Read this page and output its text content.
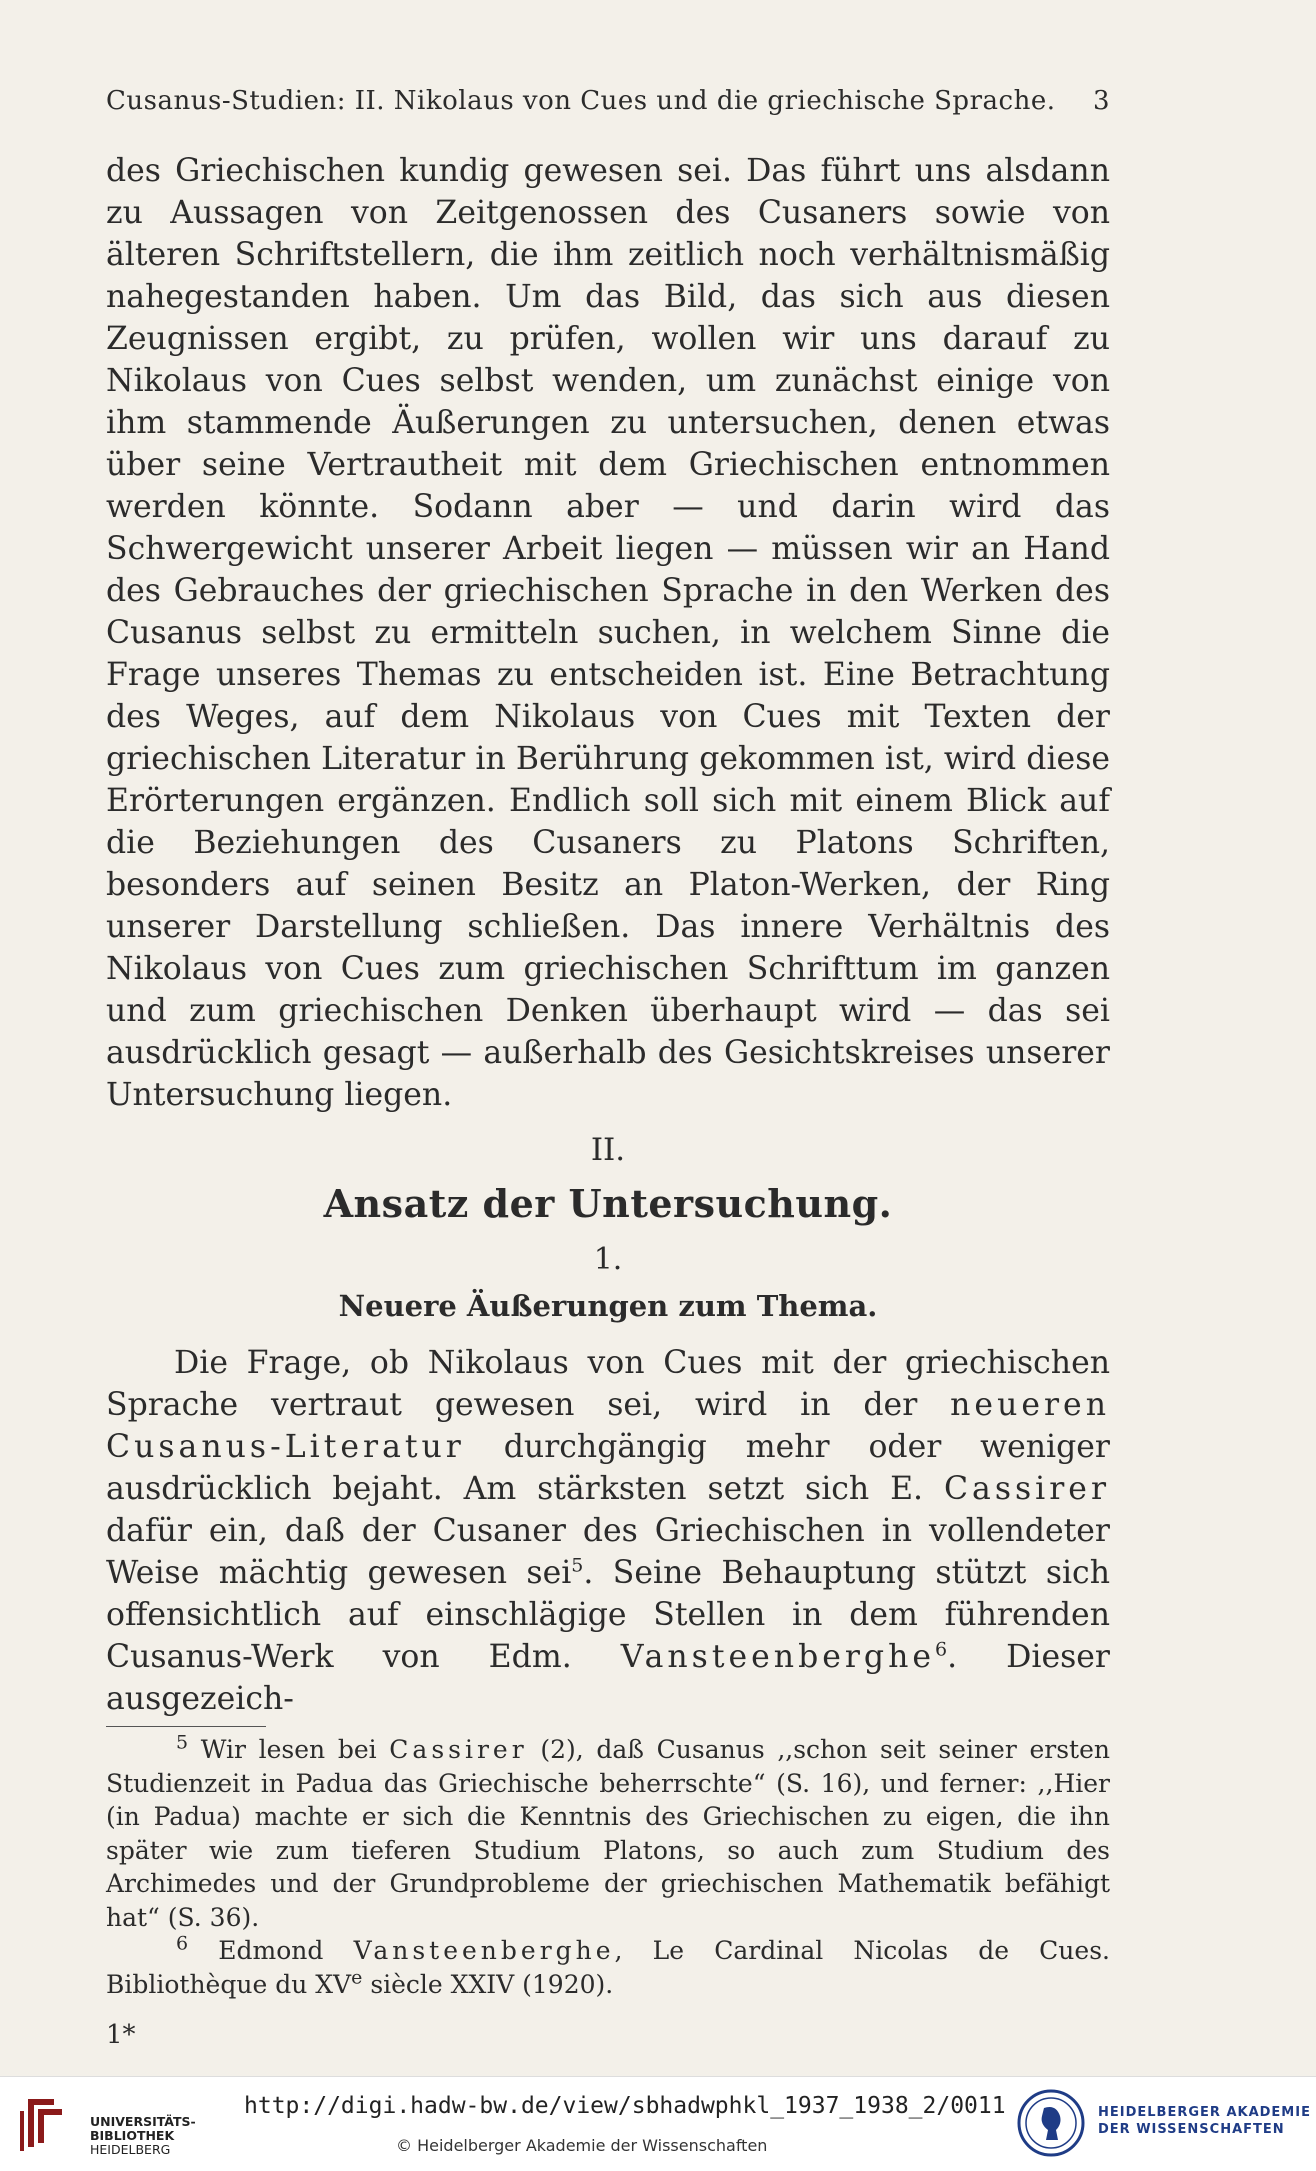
Cusanus-Studien: II. Nikolaus von Cues und die griechische Sprache. 3

des Griechischen kundig gewesen sei. Das führt uns alsdann zu Aussagen von Zeitgenossen des Cusaners sowie von älteren Schriftstellern, die ihm zeitlich noch verhältnismäßig nahegestanden haben. Um das Bild, das sich aus diesen Zeugnissen ergibt, zu prüfen, wollen wir uns darauf zu Nikolaus von Cues selbst wenden, um zunächst einige von ihm stammende Äußerungen zu untersuchen, denen etwas über seine Vertrautheit mit dem Griechischen entnommen werden könnte. Sodann aber — und darin wird das Schwergewicht unserer Arbeit liegen — müssen wir an Hand des Gebrauches der griechischen Sprache in den Werken des Cusanus selbst zu ermitteln suchen, in welchem Sinne die Frage unseres Themas zu entscheiden ist. Eine Betrachtung des Weges, auf dem Nikolaus von Cues mit Texten der griechischen Literatur in Berührung gekommen ist, wird diese Erörterungen ergänzen. Endlich soll sich mit einem Blick auf die Beziehungen des Cusaners zu Platons Schriften, besonders auf seinen Besitz an Platon-Werken, der Ring unserer Darstellung schließen. Das innere Verhältnis des Nikolaus von Cues zum griechischen Schrifttum im ganzen und zum griechischen Denken überhaupt wird — das sei ausdrücklich gesagt — außerhalb des Gesichtskreises unserer Untersuchung liegen.

II.
Ansatz der Untersuchung.
1.
Neuere Äußerungen zum Thema.

Die Frage, ob Nikolaus von Cues mit der griechischen Sprache vertraut gewesen sei, wird in der neueren Cusanus-Literatur durchgängig mehr oder weniger ausdrücklich bejaht. Am stärksten setzt sich E. Cassirer dafür ein, daß der Cusaner des Griechischen in vollendeter Weise mächtig gewesen sei$^5$. Seine Behauptung stützt sich offensichtlich auf einschlägige Stellen in dem führenden Cusanus-Werk von Edm. Vansteenberghe$^6$. Dieser ausgezeich-

$^5$ Wir lesen bei Cassirer (2), daß Cusanus ,,schon seit seiner ersten Studienzeit in Padua das Griechische beherrschte“ (S. 16), und ferner: ,,Hier (in Padua) machte er sich die Kenntnis des Griechischen zu eigen, die ihn später wie zum tieferen Studium Platons, so auch zum Studium des Archimedes und der Grundprobleme der griechischen Mathematik befähigt hat“ (S. 36).

$^6$ Edmond Vansteenberghe, Le Cardinal Nicolas de Cues. Bibliothèque du XVe siècle XXIV (1920).

1*
UNIVERSITÄTS-
BIBLIOTHEK
HEIDELBERG
http://digi.hadw-bw.de/view/sbhadwphkl_1937_1938_2/0011
© Heidelberger Akademie der Wissenschaften
HEIDELBERGER AKADEMIE
DER WISSENSCHAFTEN
